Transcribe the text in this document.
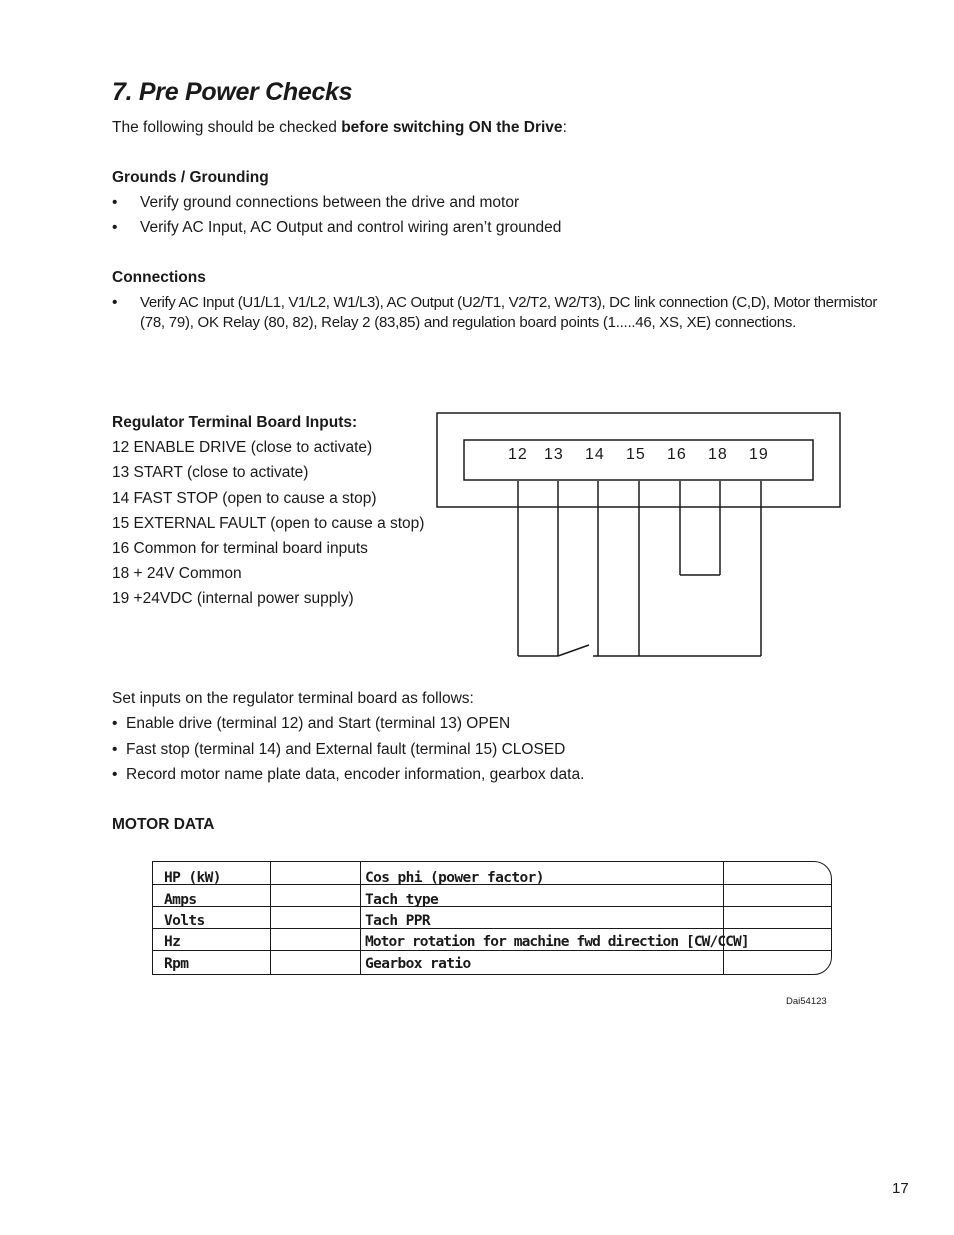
7. Pre Power Checks
The following should be checked before switching ON the Drive:
Grounds / Grounding
• Verify ground connections between the drive and motor
• Verify AC Input, AC Output and control wiring aren’t grounded
Connections
• Verify AC Input (U1/L1, V1/L2, W1/L3), AC Output (U2/T1, V2/T2, W2/T3), DC link connection (C,D), Motor thermistor
(78, 79), OK Relay (80, 82), Relay 2 (83,85) and regulation board points (1.....46, XS, XE) connections.
Regulator Terminal Board Inputs:
12 ENABLE DRIVE (close to activate)
13 START (close to activate)
14 FAST STOP (open to cause a stop)
15 EXTERNAL FAULT (open to cause a stop)
16 Common for terminal board inputs
18 + 24V Common
19 +24VDC (internal power supply)
12 13 14 15 16 18 19
Set inputs on the regulator terminal board as follows:
• Enable drive (terminal 12) and Start (terminal 13) OPEN
• Fast stop (terminal 14) and External fault (terminal 15) CLOSED
• Record motor name plate data, encoder information, gearbox data.
MOTOR DATA
HP (kW)
Amps
Volts
Hz
Rpm
Cos phi (power factor)
Tach type
Tach PPR
Motor rotation for machine fwd direction [CW/CCW]
Gearbox ratio
Dai54123
17
